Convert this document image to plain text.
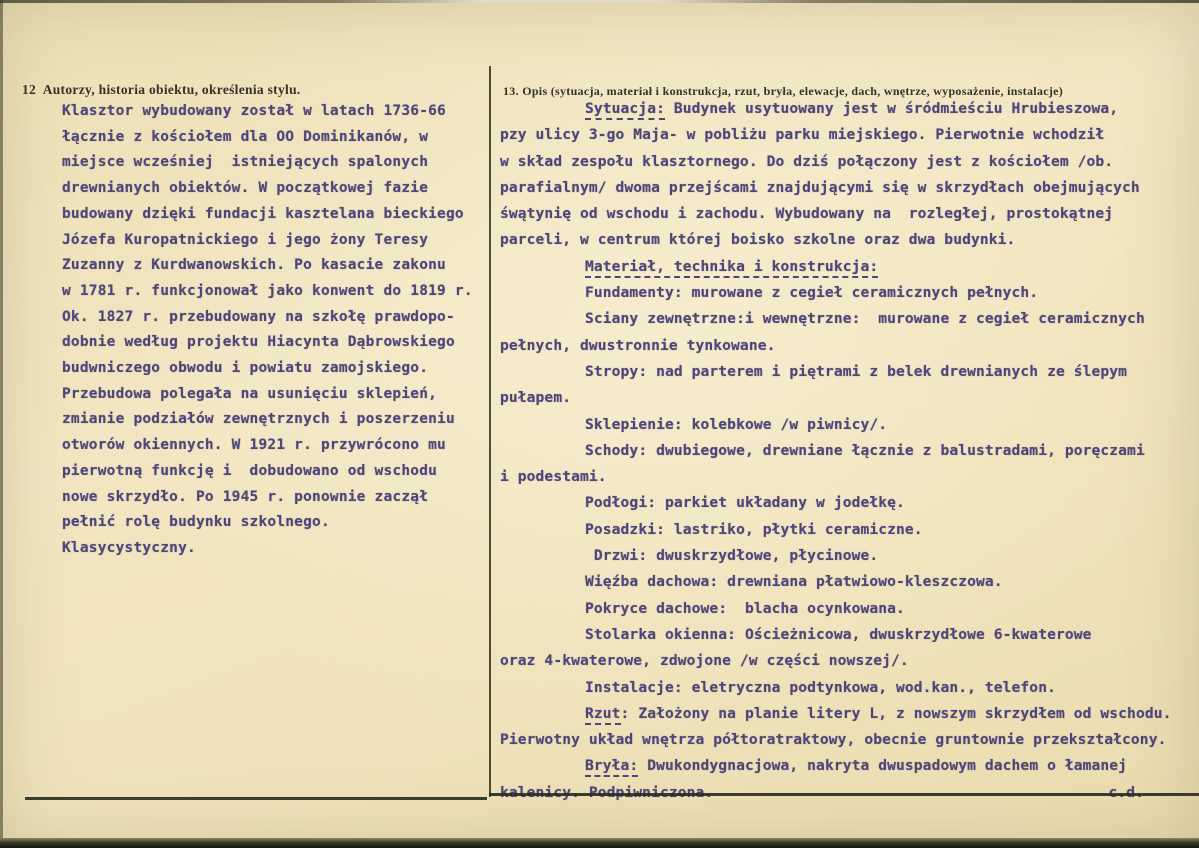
12  Autorzy, historia obiektu, określenia stylu.	13. Opis (sytuacja, materiał i konstrukcja, rzut, bryła, elewacje, dach, wnętrze, wyposażenie, instalacje)
Klasztor wybudowany został w latach 1736-66
łącznie z kościołem dla OO Dominikanów, w
miejsce wcześniej  istniejących spalonych
drewnianych obiektów. W początkowej fazie
budowany dzięki fundacji kasztelana bieckiego
Józefa Kuropatnickiego i jego żony Teresy
Zuzanny z Kurdwanowskich. Po kasacie zakonu
w 1781 r. funkcjonował jako konwent do 1819 r.
Ok. 1827 r. przebudowany na szkołę prawdopo-
dobnie według projektu Hiacynta Dąbrowskiego
budwniczego obwodu i powiatu zamojskiego.
Przebudowa polegała na usunięciu sklepień,
zmianie podziałów zewnętrznych i poszerzeniu
otworów okiennych. W 1921 r. przywrócono mu
pierwotną funkcję i  dobudowano od wschodu
nowe skrzydło. Po 1945 r. ponownie zaczął
pełnić rolę budynku szkolnego.
Klasycystyczny.
Sytuacja: Budynek usytuowany jest w śródmieściu Hrubieszowa,
pzy ulicy 3-go Maja- w pobliżu parku miejskiego. Pierwotnie wchodził
w skład zespołu klasztornego. Do dziś połączony jest z kościołem /ob.
parafialnym/ dwoma przejścami znajdującymi się w skrzydłach obejmujących
śwątynię od wschodu i zachodu. Wybudowany na  rozległej, prostokątnej
parceli, w centrum której boisko szkolne oraz dwa budynki.
Materiał, technika i konstrukcja:
Fundamenty: murowane z cegieł ceramicznych pełnych.
Sciany zewnętrzne:i wewnętrzne:  murowane z cegieł ceramicznych
pełnych, dwustronnie tynkowane.
Stropy: nad parterem i piętrami z belek drewnianych ze ślepym
pułapem.
Sklepienie: kolebkowe /w piwnicy/.
Schody: dwubiegowe, drewniane łącznie z balustradami, poręczami
i podestami.
Podłogi: parkiet układany w jodełkę.
Posadzki: lastriko, płytki ceramiczne.
Drzwi: dwuskrzydłowe, płycinowe.
Więźba dachowa: drewniana płatwiowo-kleszczowa.
Pokryce dachowe:  blacha ocynkowana.
Stolarka okienna: Ościeżnicowa, dwuskrzydłowe 6-kwaterowe
oraz 4-kwaterowe, zdwojone /w części nowszej/.
Instalacje: eletryczna podtynkowa, wod.kan., telefon.
Rzut: Założony na planie litery L, z nowszym skrzydłem od wschodu.
Pierwotny układ wnętrza półtoratraktowy, obecnie gruntownie przekształcony.
Bryła: Dwukondygnacjowa, nakryta dwuspadowym dachem o łamanej
